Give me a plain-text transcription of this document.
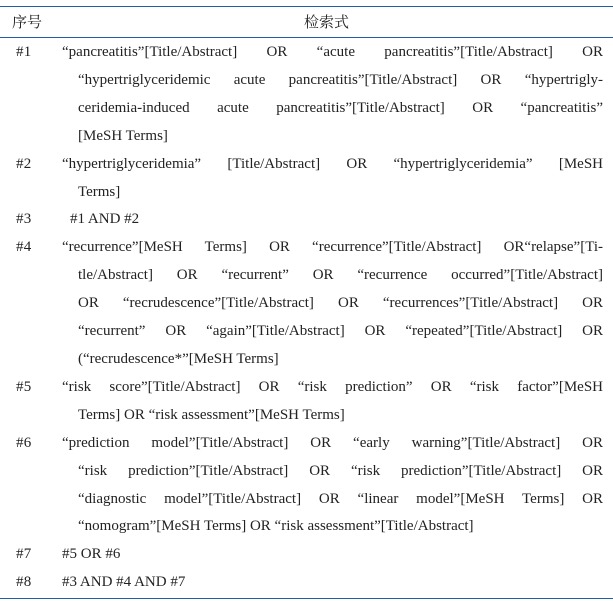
序号	检索式
#1	“pancreatitis”[Title/Abstract] OR “acute pancreatitis”[Title/Abstract] OR
“hypertriglyceridemic acute pancreatitis”[Title/Abstract] OR “hypertrigly-
ceridemia-induced acute pancreatitis”[Title/Abstract] OR “pancreatitis”
[MeSH Terms]
#2	“hypertriglyceridemia” [Title/Abstract] OR “hypertriglyceridemia” [MeSH
Terms]
#3	#1 AND #2
#4	“recurrence”[MeSH Terms] OR “recurrence”[Title/Abstract] OR“relapse”[Ti-
tle/Abstract] OR “recurrent” OR “recurrence occurred”[Title/Abstract]
OR “recrudescence”[Title/Abstract] OR “recurrences”[Title/Abstract] OR
“recurrent” OR “again”[Title/Abstract] OR “repeated”[Title/Abstract] OR
(“recrudescence*”[MeSH Terms]
#5	“risk score”[Title/Abstract] OR “risk prediction” OR “risk factor”[MeSH
Terms] OR “risk assessment”[MeSH Terms]
#6	“prediction model”[Title/Abstract] OR “early warning”[Title/Abstract] OR
“risk prediction”[Title/Abstract] OR “risk prediction”[Title/Abstract] OR
“diagnostic model”[Title/Abstract] OR “linear model”[MeSH Terms] OR
“nomogram”[MeSH Terms] OR “risk assessment”[Title/Abstract]
#7	#5 OR #6
#8	#3 AND #4 AND #7
